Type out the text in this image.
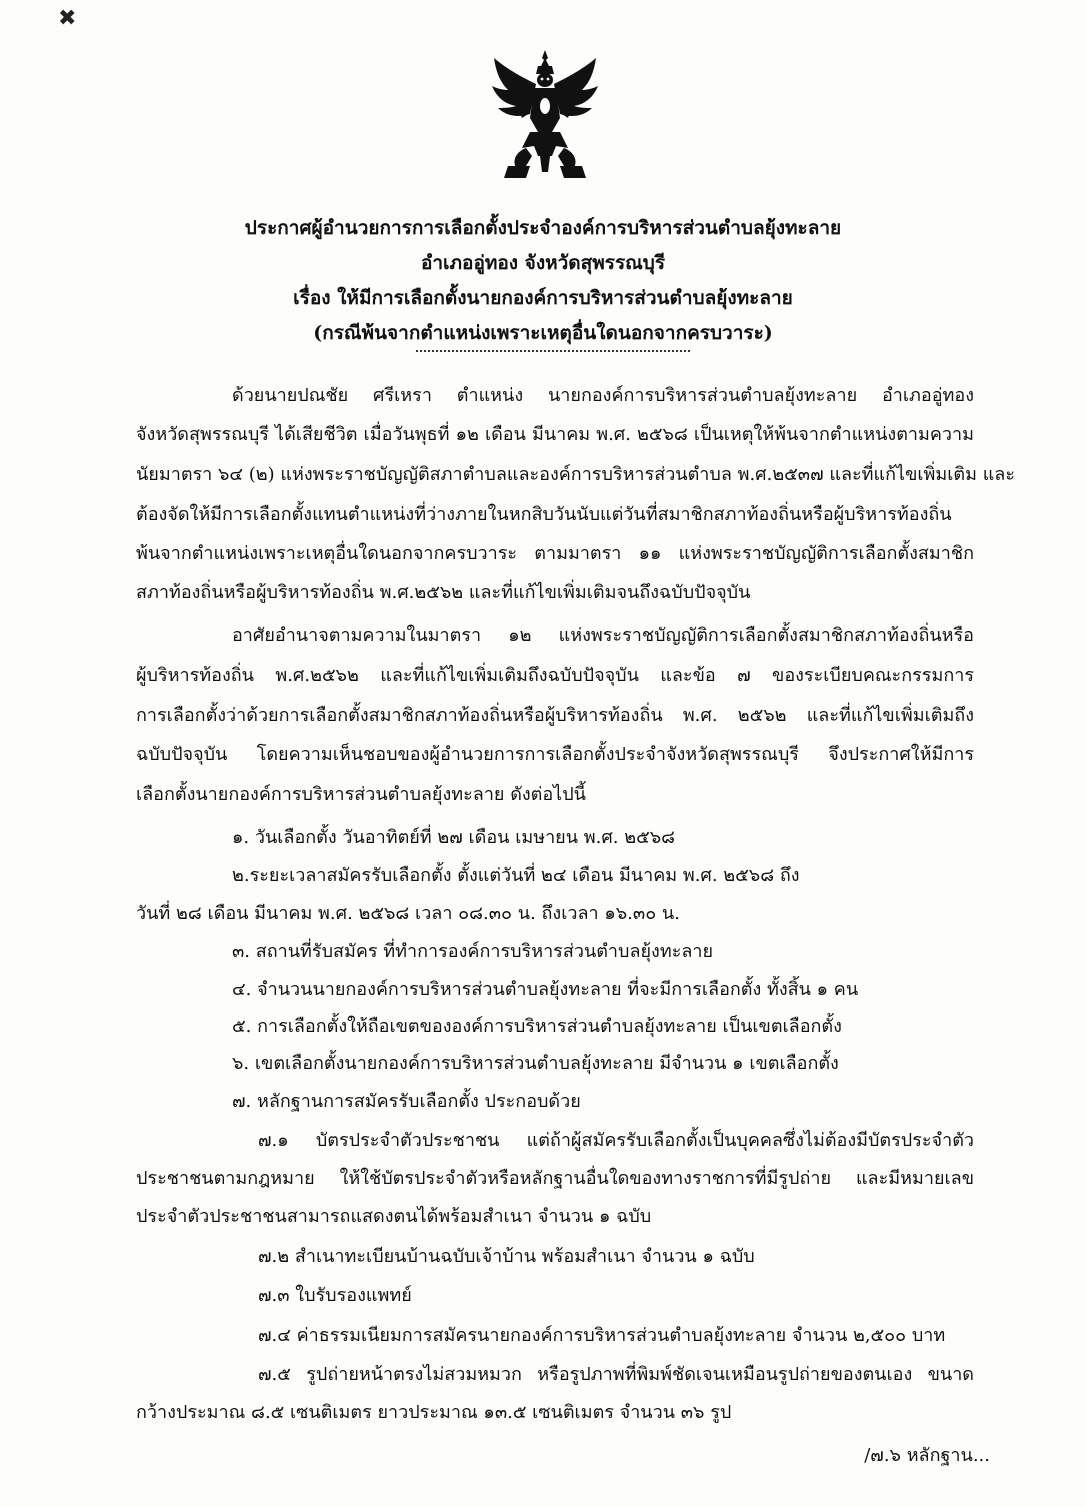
✖
ประกาศผู้อำนวยการการเลือกตั้งประจำองค์การบริหารส่วนตำบลยุ้งทะลาย
อำเภออู่ทอง จังหวัดสุพรรณบุรี
เรื่อง ให้มีการเลือกตั้งนายกองค์การบริหารส่วนตำบลยุ้งทะลาย
(กรณีพ้นจากตำแหน่งเพราะเหตุอื่นใดนอกจากครบวาระ)
ด้วยนายปณชัย ศรีเหรา ตำแหน่ง นายกองค์การบริหารส่วนตำบลยุ้งทะลาย อำเภออู่ทอง
จังหวัดสุพรรณบุรี ได้เสียชีวิต เมื่อวันพุธที่ ๑๒ เดือน มีนาคม พ.ศ. ๒๕๖๘ เป็นเหตุให้พ้นจากตำแหน่งตามความ
นัยมาตรา ๖๔ (๒) แห่งพระราชบัญญัติสภาตำบลและองค์การบริหารส่วนตำบล พ.ศ.๒๕๓๗ และที่แก้ไขเพิ่มเติม และ
ต้องจัดให้มีการเลือกตั้งแทนตำแหน่งที่ว่างภายในหกสิบวันนับแต่วันที่สมาชิกสภาท้องถิ่นหรือผู้บริหารท้องถิ่น
พ้นจากตำแหน่งเพราะเหตุอื่นใดนอกจากครบวาระ ตามมาตรา ๑๑ แห่งพระราชบัญญัติการเลือกตั้งสมาชิก
สภาท้องถิ่นหรือผู้บริหารท้องถิ่น พ.ศ.๒๕๖๒ และที่แก้ไขเพิ่มเติมจนถึงฉบับปัจจุบัน
อาศัยอำนาจตามความในมาตรา ๑๒ แห่งพระราชบัญญัติการเลือกตั้งสมาชิกสภาท้องถิ่นหรือ
ผู้บริหารท้องถิ่น พ.ศ.๒๕๖๒ และที่แก้ไขเพิ่มเติมถึงฉบับปัจจุบัน และข้อ ๗ ของระเบียบคณะกรรมการ
การเลือกตั้งว่าด้วยการเลือกตั้งสมาชิกสภาท้องถิ่นหรือผู้บริหารท้องถิ่น พ.ศ. ๒๕๖๒ และที่แก้ไขเพิ่มเติมถึง
ฉบับปัจจุบัน โดยความเห็นชอบของผู้อำนวยการการเลือกตั้งประจำจังหวัดสุพรรณบุรี จึงประกาศให้มีการ
เลือกตั้งนายกองค์การบริหารส่วนตำบลยุ้งทะลาย ดังต่อไปนี้
๑. วันเลือกตั้ง วันอาทิตย์ที่ ๒๗ เดือน เมษายน พ.ศ. ๒๕๖๘
๒.ระยะเวลาสมัครรับเลือกตั้ง ตั้งแต่วันที่ ๒๔ เดือน มีนาคม พ.ศ. ๒๕๖๘ ถึง
วันที่ ๒๘ เดือน มีนาคม พ.ศ. ๒๕๖๘ เวลา ๐๘.๓๐ น. ถึงเวลา ๑๖.๓๐ น.
๓. สถานที่รับสมัคร ที่ทำการองค์การบริหารส่วนตำบลยุ้งทะลาย
๔. จำนวนนายกองค์การบริหารส่วนตำบลยุ้งทะลาย ที่จะมีการเลือกตั้ง ทั้งสิ้น ๑ คน
๕. การเลือกตั้งให้ถือเขตขององค์การบริหารส่วนตำบลยุ้งทะลาย เป็นเขตเลือกตั้ง
๖. เขตเลือกตั้งนายกองค์การบริหารส่วนตำบลยุ้งทะลาย มีจำนวน ๑ เขตเลือกตั้ง
๗. หลักฐานการสมัครรับเลือกตั้ง ประกอบด้วย
๗.๑ บัตรประจำตัวประชาชน แต่ถ้าผู้สมัครรับเลือกตั้งเป็นบุคคลซึ่งไม่ต้องมีบัตรประจำตัว
ประชาชนตามกฎหมาย ให้ใช้บัตรประจำตัวหรือหลักฐานอื่นใดของทางราชการที่มีรูปถ่าย และมีหมายเลข
ประจำตัวประชาชนสามารถแสดงตนได้พร้อมสำเนา จำนวน ๑ ฉบับ
๗.๒ สำเนาทะเบียนบ้านฉบับเจ้าบ้าน พร้อมสำเนา จำนวน ๑ ฉบับ
๗.๓ ใบรับรองแพทย์
๗.๔ ค่าธรรมเนียมการสมัครนายกองค์การบริหารส่วนตำบลยุ้งทะลาย จำนวน ๒,๕๐๐ บาท
๗.๕ รูปถ่ายหน้าตรงไม่สวมหมวก หรือรูปภาพที่พิมพ์ชัดเจนเหมือนรูปถ่ายของตนเอง ขนาด
กว้างประมาณ ๘.๕ เซนติเมตร ยาวประมาณ ๑๓.๕ เซนติเมตร จำนวน ๓๖ รูป
/๗.๖ หลักฐาน...
